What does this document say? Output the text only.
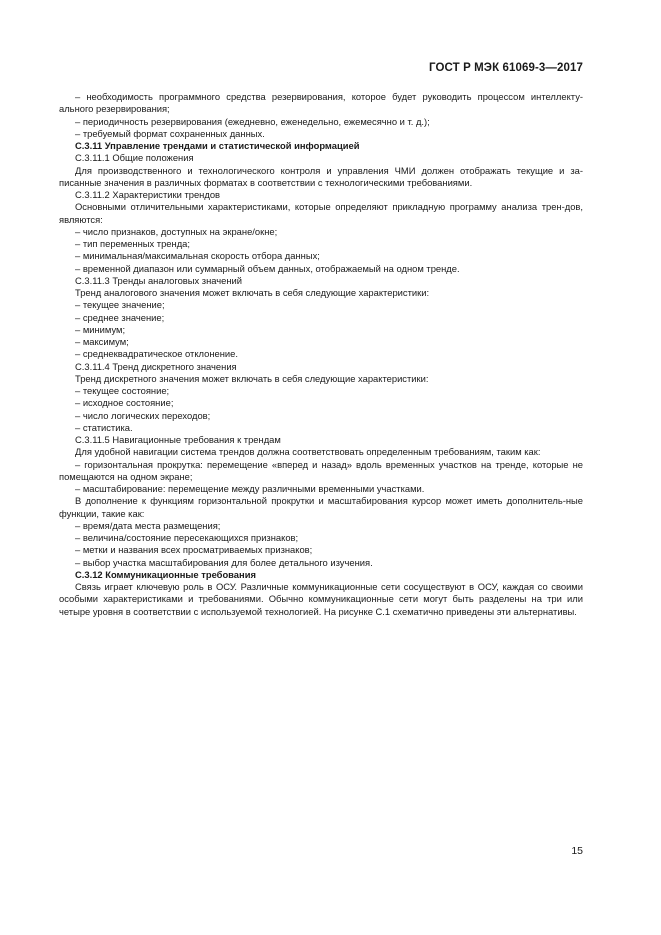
ГОСТ Р МЭК 61069-3—2017

– необходимость программного средства резервирования, которое будет руководить процессом интеллекту-ального резервирования;

– периодичность резервирования (ежедневно, еженедельно, ежемесячно и т. д.);

– требуемый формат сохраненных данных.

С.3.11 Управление трендами и статистической информацией

С.3.11.1 Общие положения

Для производственного и технологического контроля и управления ЧМИ должен отображать текущие и за-писанные значения в различных форматах в соответствии с технологическими требованиями.

С.3.11.2 Характеристики трендов

Основными отличительными характеристиками, которые определяют прикладную программу анализа трен-дов, являются:

– число признаков, доступных на экране/окне;

– тип переменных тренда;

– минимальная/максимальная скорость отбора данных;

– временной диапазон или суммарный объем данных, отображаемый на одном тренде.

С.3.11.3 Тренды аналоговых значений

Тренд аналогового значения может включать в себя следующие характеристики:

– текущее значение;

– среднее значение;

– минимум;

– максимум;

– среднеквадратическое отклонение.

С.3.11.4 Тренд дискретного значения

Тренд дискретного значения может включать в себя следующие характеристики:

– текущее состояние;

– исходное состояние;

– число логических переходов;

– статистика.

С.3.11.5 Навигационные требования к трендам

Для удобной навигации система трендов должна соответствовать определенным требованиям, таким как:

– горизонтальная прокрутка: перемещение «вперед и назад» вдоль временных участков на тренде, которые не помещаются на одном экране;

– масштабирование: перемещение между различными временными участками.

В дополнение к функциям горизонтальной прокрутки и масштабирования курсор может иметь дополнитель-ные функции, такие как:

– время/дата места размещения;

– величина/состояние пересекающихся признаков;

– метки и названия всех просматриваемых признаков;

– выбор участка масштабирования для более детального изучения.

С.3.12 Коммуникационные требования

Связь играет ключевую роль в ОСУ. Различные коммуникационные сети сосуществуют в ОСУ, каждая со своими особыми характеристиками и требованиями. Обычно коммуникационные сети могут быть разделены на три или четыре уровня в соответствии с используемой технологией. На рисунке С.1 схематично приведены эти альтернативы.

15
